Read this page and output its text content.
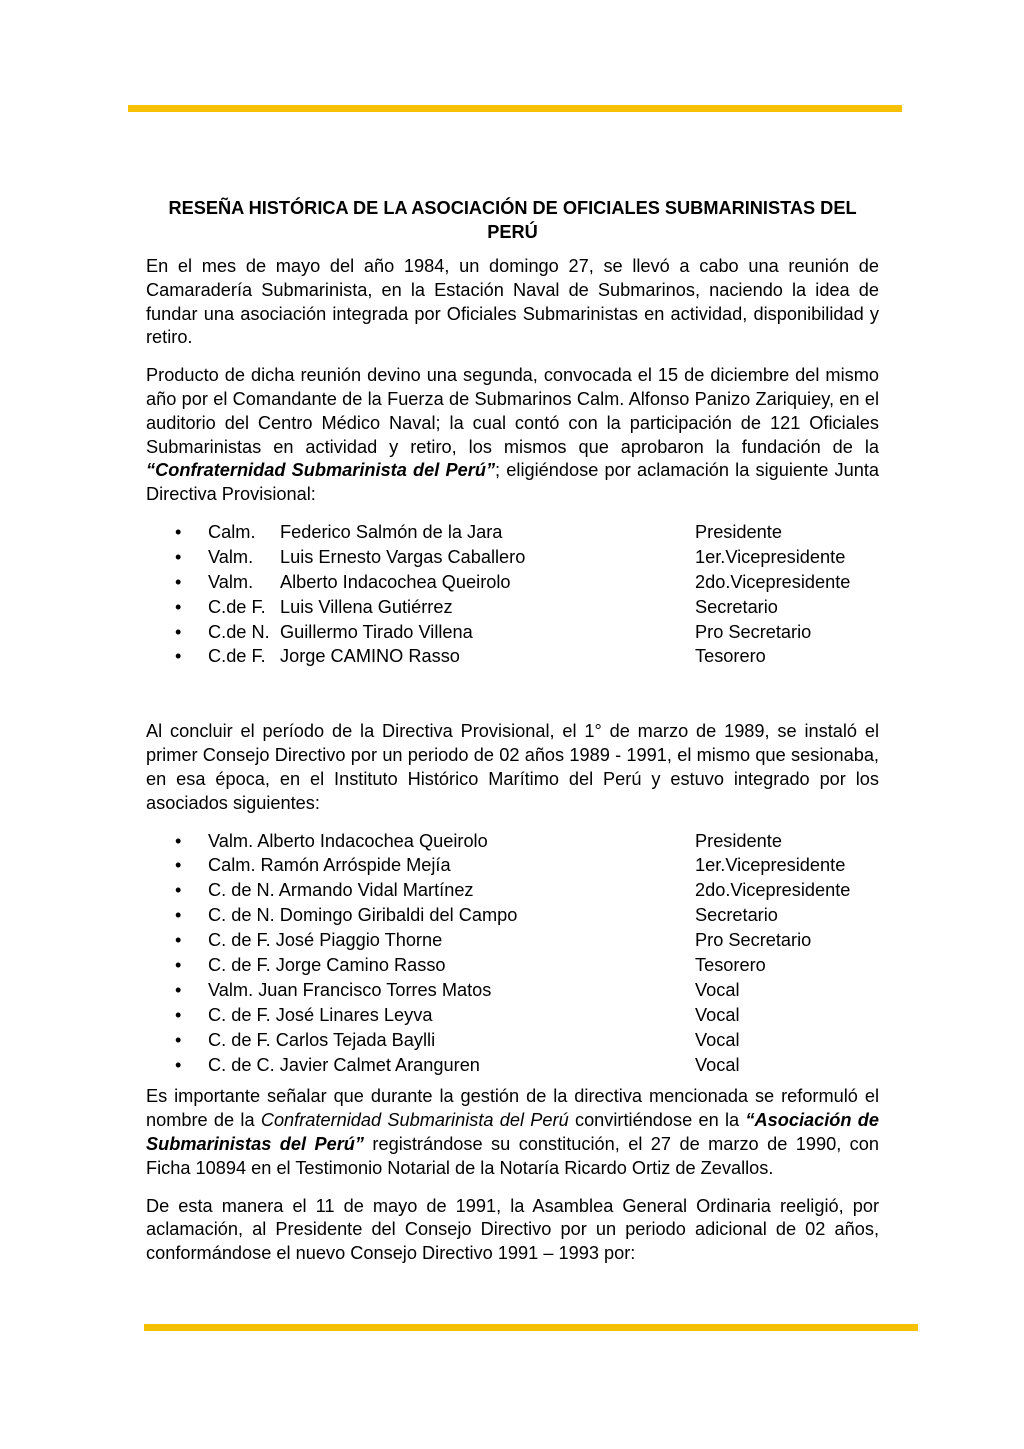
RESEÑA HISTÓRICA DE LA ASOCIACIÓN DE OFICIALES SUBMARINISTAS DEL PERÚ

En el mes de mayo del año 1984, un domingo 27, se llevó a cabo una reunión de Camaradería Submarinista, en la Estación Naval de Submarinos, naciendo la idea de fundar una asociación integrada por Oficiales Submarinistas en actividad, disponibilidad y retiro.

Producto de dicha reunión devino una segunda, convocada el 15 de diciembre del mismo año por el Comandante de la Fuerza de Submarinos Calm. Alfonso Panizo Zariquiey, en el auditorio del Centro Médico Naval; la cual contó con la participación de 121 Oficiales Submarinistas en actividad y retiro, los mismos que aprobaron la fundación de la “Confraternidad Submarinista del Perú”; eligiéndose por aclamación la siguiente Junta Directiva Provisional:

• Calm. Federico Salmón de la Jara	Presidente
• Valm. Luis Ernesto Vargas Caballero	1er.Vicepresidente
• Valm. Alberto Indacochea Queirolo	2do.Vicepresidente
• C.de F. Luis Villena Gutiérrez	Secretario
• C.de N. Guillermo Tirado Villena	Pro Secretario
• C.de F. Jorge CAMINO Rasso	Tesorero

Al concluir el período de la Directiva Provisional, el 1° de marzo de 1989, se instaló el primer Consejo Directivo por un periodo de 02 años 1989 - 1991, el mismo que sesionaba, en esa época, en el Instituto Histórico Marítimo del Perú y estuvo integrado por los asociados siguientes:

• Valm. Alberto Indacochea Queirolo	Presidente
• Calm. Ramón Arróspide Mejía	1er.Vicepresidente
• C. de N. Armando Vidal Martínez	2do.Vicepresidente
• C. de N. Domingo Giribaldi del Campo	Secretario
• C. de F. José Piaggio Thorne	Pro Secretario
• C. de F. Jorge Camino Rasso	Tesorero
• Valm. Juan Francisco Torres Matos	Vocal
• C. de F. José Linares Leyva	Vocal
• C. de F. Carlos Tejada Baylli	Vocal
• C. de C. Javier Calmet Aranguren	Vocal

Es importante señalar que durante la gestión de la directiva mencionada se reformuló el nombre de la Confraternidad Submarinista del Perú convirtiéndose en la “Asociación de Submarinistas del Perú” registrándose su constitución, el 27 de marzo de 1990, con Ficha 10894 en el Testimonio Notarial de la Notaría Ricardo Ortiz de Zevallos.

De esta manera el 11 de mayo de 1991, la Asamblea General Ordinaria reeligió, por aclamación, al Presidente del Consejo Directivo por un periodo adicional de 02 años, conformándose el nuevo Consejo Directivo 1991 – 1993 por:
